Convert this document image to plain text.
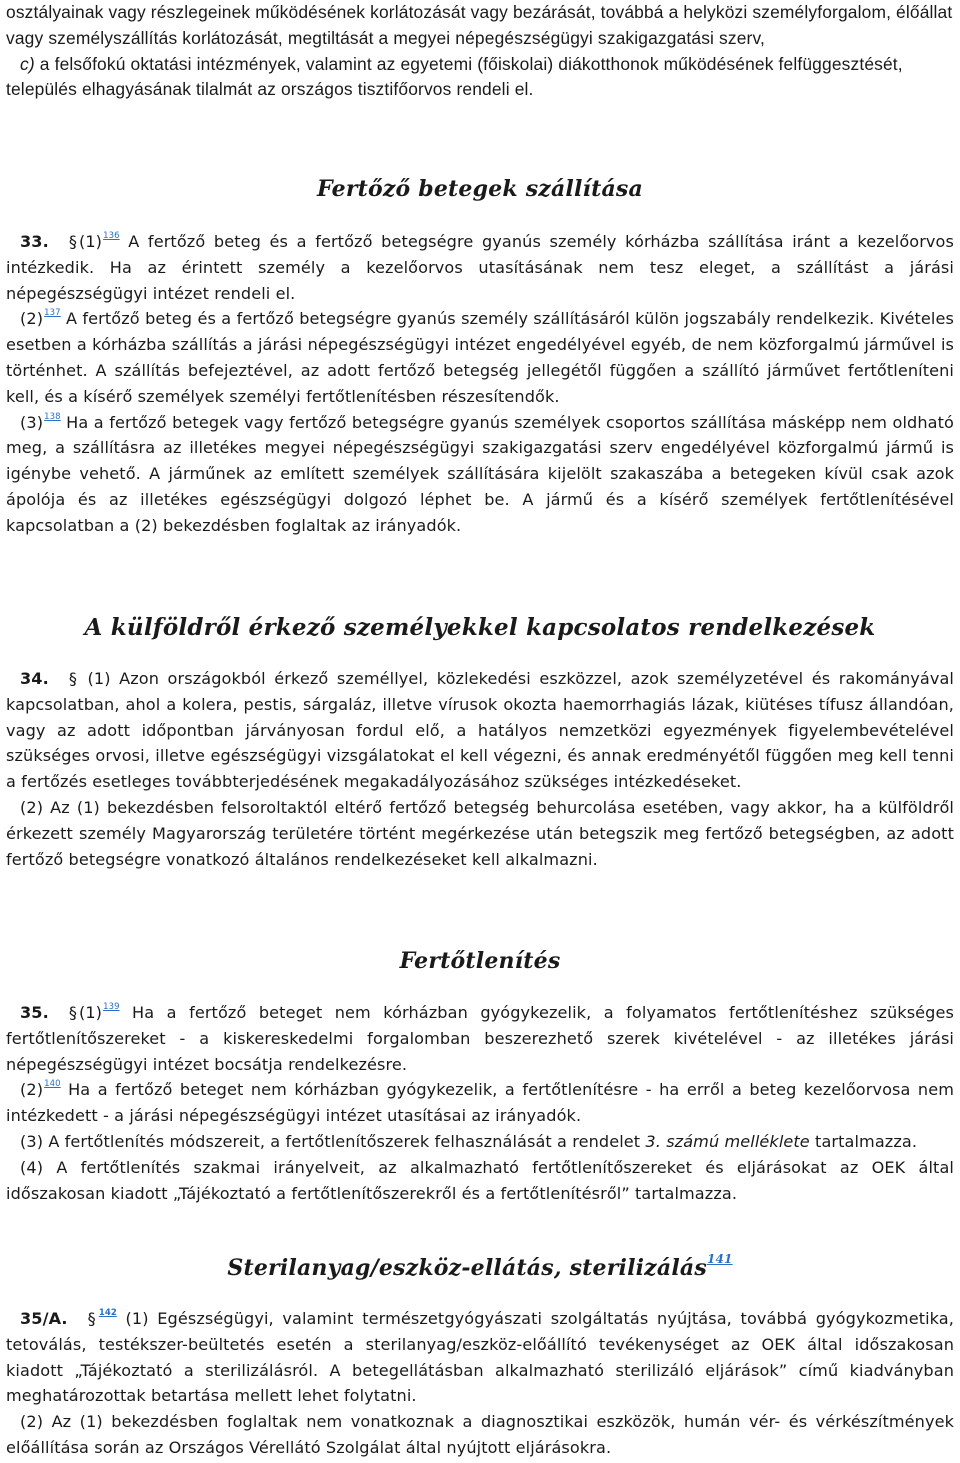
osztályainak vagy részlegeinek működésének korlátozását vagy bezárását, továbbá a helyközi személyforgalom, élőállat vagy személyszállítás korlátozását, megtiltását a megyei népegészségügyi szakigazgatási szerv,

c) a felsőfokú oktatási intézmények, valamint az egyetemi (főiskolai) diákotthonok működésének felfüggesztését, település elhagyásának tilalmát az országos tisztifőorvos rendeli el.

Fertőző betegek szállítása

33. § (1)$^{136}$ A fertőző beteg és a fertőző betegségre gyanús személy kórházba szállítása iránt a kezelőorvos intézkedik. Ha az érintett személy a kezelőorvos utasításának nem tesz eleget, a szállítást a járási népegészségügyi intézet rendeli el.

(2)$^{137}$ A fertőző beteg és a fertőző betegségre gyanús személy szállításáról külön jogszabály rendelkezik. Kivételes esetben a kórházba szállítás a járási népegészségügyi intézet engedélyével egyéb, de nem közforgalmú járművel is történhet. A szállítás befejeztével, az adott fertőző betegség jellegétől függően a szállító járművet fertőtleníteni kell, és a kísérő személyek személyi fertőtlenítésben részesítendők.

(3)$^{138}$ Ha a fertőző betegek vagy fertőző betegségre gyanús személyek csoportos szállítása másképp nem oldható meg, a szállításra az illetékes megyei népegészségügyi szakigazgatási szerv engedélyével közforgalmú jármű is igénybe vehető. A járműnek az említett személyek szállítására kijelölt szakaszába a betegeken kívül csak azok ápolója és az illetékes egészségügyi dolgozó léphet be. A jármű és a kísérő személyek fertőtlenítésével kapcsolatban a (2) bekezdésben foglaltak az irányadók.

A külföldről érkező személyekkel kapcsolatos rendelkezések

34. § (1) Azon országokból érkező személlyel, közlekedési eszközzel, azok személyzetével és rakományával kapcsolatban, ahol a kolera, pestis, sárgaláz, illetve vírusok okozta haemorrhagiás lázak, kiütéses tífusz állandóan, vagy az adott időpontban járványosan fordul elő, a hatályos nemzetközi egyezmények figyelembevételével szükséges orvosi, illetve egészségügyi vizsgálatokat el kell végezni, és annak eredményétől függően meg kell tenni a fertőzés esetleges továbbterjedésének megakadályozásához szükséges intézkedéseket.

(2) Az (1) bekezdésben felsoroltaktól eltérő fertőző betegség behurcolása esetében, vagy akkor, ha a külföldről érkezett személy Magyarország területére történt megérkezése után betegszik meg fertőző betegségben, az adott fertőző betegségre vonatkozó általános rendelkezéseket kell alkalmazni.

Fertőtlenítés

35. § (1)$^{139}$ Ha a fertőző beteget nem kórházban gyógykezelik, a folyamatos fertőtlenítéshez szükséges fertőtlenítőszereket - a kiskereskedelmi forgalomban beszerezhető szerek kivételével - az illetékes járási népegészségügyi intézet bocsátja rendelkezésre.

(2)$^{140}$ Ha a fertőző beteget nem kórházban gyógykezelik, a fertőtlenítésre - ha erről a beteg kezelőorvosa nem intézkedett - a járási népegészségügyi intézet utasításai az irányadók.

(3) A fertőtlenítés módszereit, a fertőtlenítőszerek felhasználását a rendelet 3. számú melléklete tartalmazza.

(4) A fertőtlenítés szakmai irányelveit, az alkalmazható fertőtlenítőszereket és eljárásokat az OEK által időszakosan kiadott „Tájékoztató a fertőtlenítőszerekről és a fertőtlenítésről” tartalmazza.

Sterilanyag/eszköz-ellátás, sterilizálás$^{141}$

35/A. § $^{142}$ (1) Egészségügyi, valamint természetgyógyászati szolgáltatás nyújtása, továbbá gyógykozmetika, tetoválás, testékszer-beültetés esetén a sterilanyag/eszköz-előállító tevékenységet az OEK által időszakosan kiadott „Tájékoztató a sterilizálásról. A betegellátásban alkalmazható sterilizáló eljárások” című kiadványban meghatározottak betartása mellett lehet folytatni.

(2) Az (1) bekezdésben foglaltak nem vonatkoznak a diagnosztikai eszközök, humán vér- és vérkészítmények előállítása során az Országos Vérellátó Szolgálat által nyújtott eljárásokra.
